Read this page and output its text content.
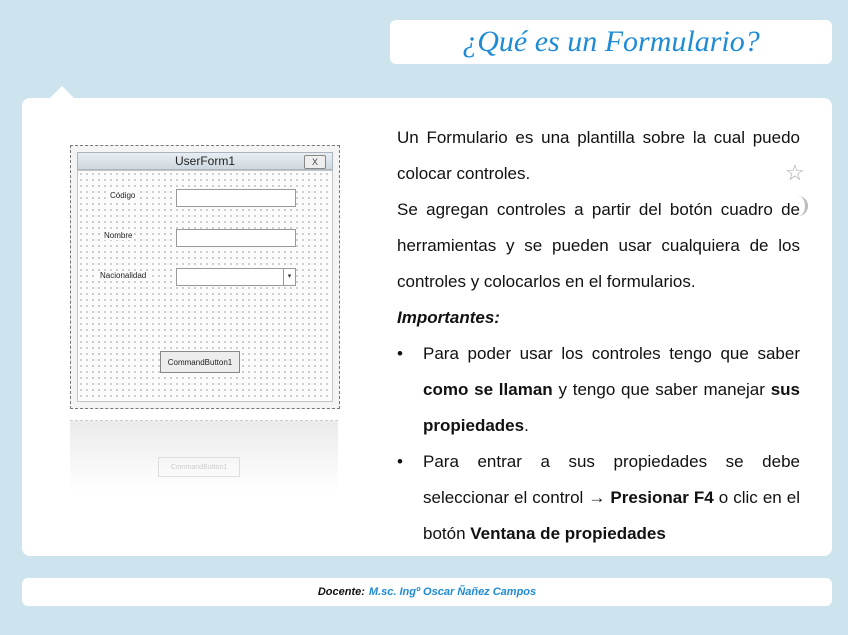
¿Qué es un Formulario?
☆
UserForm1	X
Código
Nombre
Nacionalidad	▾
CommandButton1
CommandButton1

Un Formulario es una plantilla sobre la cual puedo colocar controles.

Se agregan controles a partir del botón cuadro de herramientas y se pueden usar cualquiera de los controles y colocarlos en el formularios.

Importantes:

• Para poder usar los controles tengo que saber como se llaman y tengo que saber manejar sus propiedades.
• Para entrar a sus propiedades se debe seleccionar el control → Presionar F4 o clic en el botón Ventana de propiedades
Docente: M.sc. Ingº Oscar Ñañez Campos
